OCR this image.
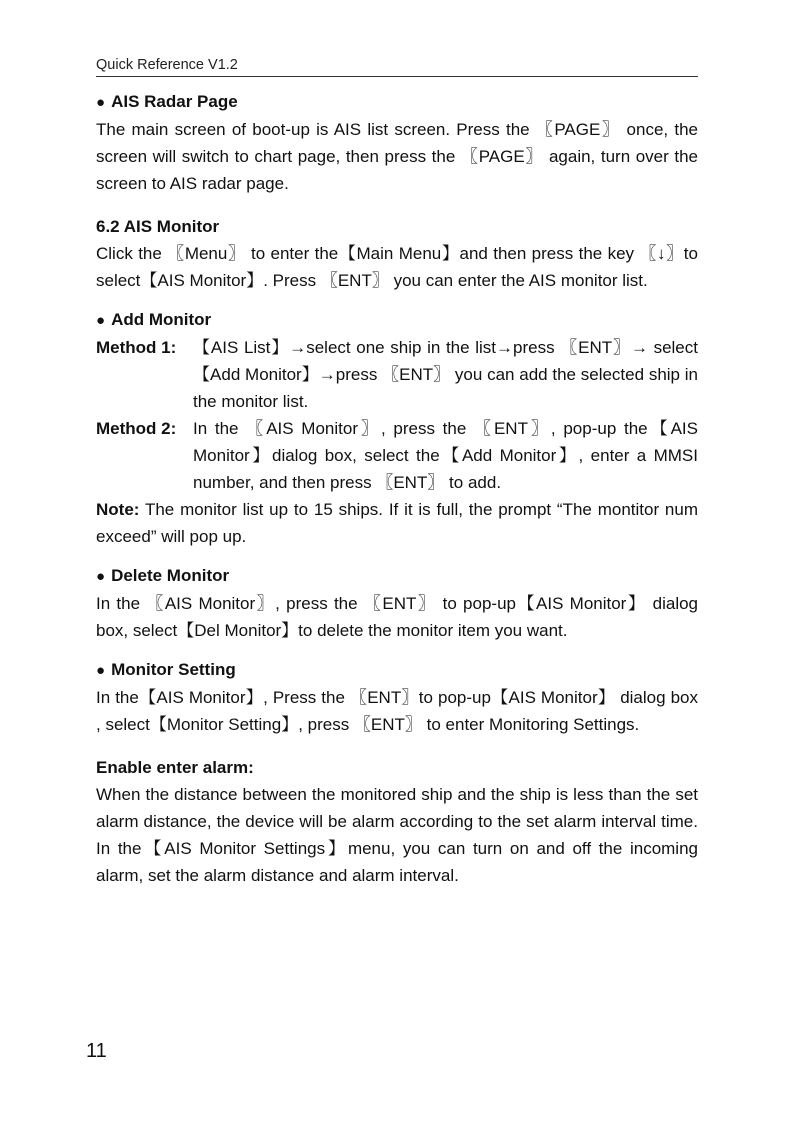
Quick Reference V1.2

● AIS Radar Page

The main screen of boot-up is AIS list screen. Press the 〖PAGE〗 once, the screen will switch to chart page, then press the 〖PAGE〗 again, turn over the screen to AIS radar page.

6.2 AIS Monitor

Click the 〖Menu〗 to enter the【Main Menu】and then press the key 〖↓〗to select【AIS Monitor】. Press 〖ENT〗 you can enter the AIS monitor list.

● Add Monitor

Method 1: 【AIS List】→select one ship in the list→press 〖ENT〗→ select【Add Monitor】→press 〖ENT〗 you can add the selected ship in the monitor list.
Method 2: In the 〖AIS Monitor〗, press the 〖ENT〗, pop-up the【AIS Monitor】dialog box, select the【Add Monitor】, enter a MMSI number, and then press 〖ENT〗 to add.

Note: The monitor list up to 15 ships. If it is full, the prompt “The montitor num exceed” will pop up.

● Delete Monitor

In the 〖AIS Monitor〗, press the 〖ENT〗 to pop-up【AIS Monitor】 dialog box, select【Del Monitor】to delete the monitor item you want.

● Monitor Setting

In the【AIS Monitor】, Press the 〖ENT〗to pop-up【AIS Monitor】 dialog box , select【Monitor Setting】, press 〖ENT〗 to enter Monitoring Settings.

Enable enter alarm:

When the distance between the monitored ship and the ship is less than the set alarm distance, the device will be alarm according to the set alarm interval time. In the【AIS Monitor Settings】menu, you can turn on and off the incoming alarm, set the alarm distance and alarm interval.

11
